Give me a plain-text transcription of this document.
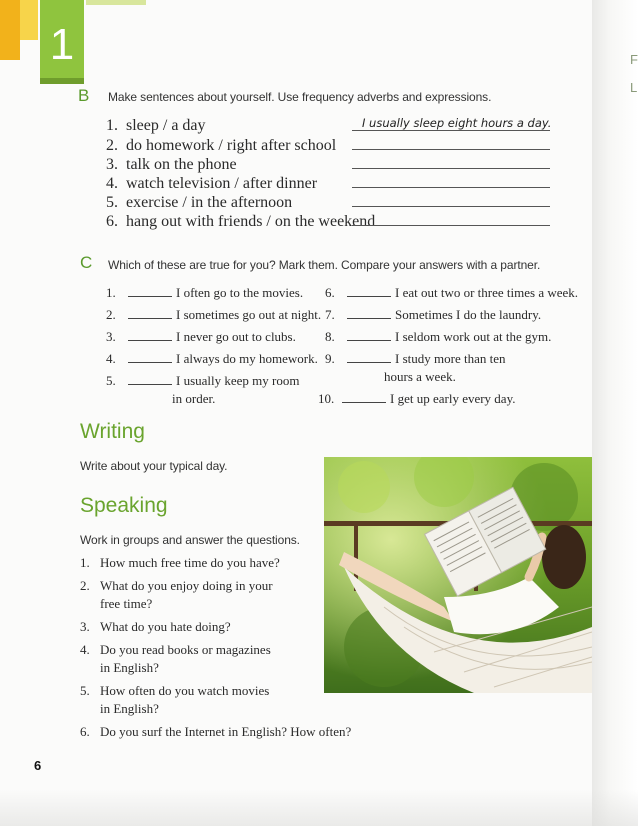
F
L
1
B Make sentences about yourself. Use frequency adverbs and expressions.
1. sleep / a day
2. do homework / right after school
3. talk on the phone
4. watch television / after dinner
5. exercise / in the afternoon
6. hang out with friends / on the weekend
I usually sleep eight hours a day.
C Which of these are true for you? Mark them. Compare your answers with a partner.
1.	I often go to the movies.
2.	I sometimes go out at night.
3.	I never go out to clubs.
4.	I always do my homework.
5.	I usually keep my room
in order.
6.	I eat out two or three times a week.
7.	Sometimes I do the laundry.
8.	I seldom work out at the gym.
9.	I study more than ten
hours a week.
10.	I get up early every day.
Writing
Write about your typical day.
Speaking
Work in groups and answer the questions.
1. How much free time do you have?
2. What do you enjoy doing in your
free time?
3. What do you hate doing?
4. Do you read books or magazines
in English?
5. How often do you watch movies
in English?
6. Do you surf the Internet in English? How often?
6
